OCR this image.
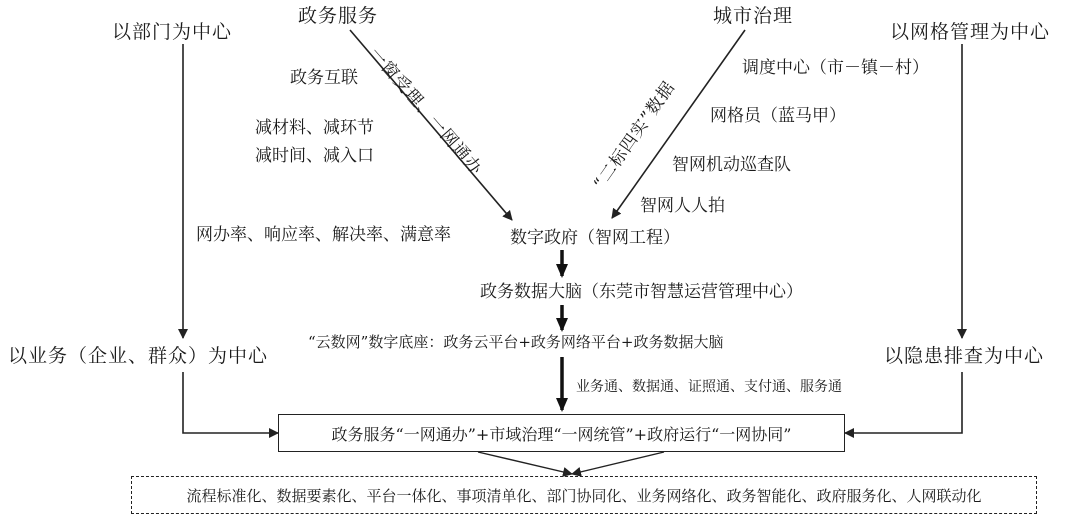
以部门为中心	以网格管理为中心
以业务（企业、群众）为中心	以隐患排查为中心
政务服务
一窗受理、一网通办
政务互联
减材料、减环节
减时间、减入口
城市治理
“二标四实”数据
调度中心（市－镇－村）
网格员（蓝马甲）
智网机动巡查队
智网人人拍
网办率、响应率、解决率、满意率	数字政府（智网工程）
政务数据大脑（东莞市智慧运营管理中心）
“云数网”数字底座：政务云平台+政务网络平台+政务数据大脑
业务通、数据通、证照通、支付通、服务通
政务服务“一网通办”+市域治理“一网统管”+政府运行“一网协同”
流程标准化、数据要素化、平台一体化、事项清单化、部门协同化、业务网络化、政务智能化、政府服务化、人网联动化
